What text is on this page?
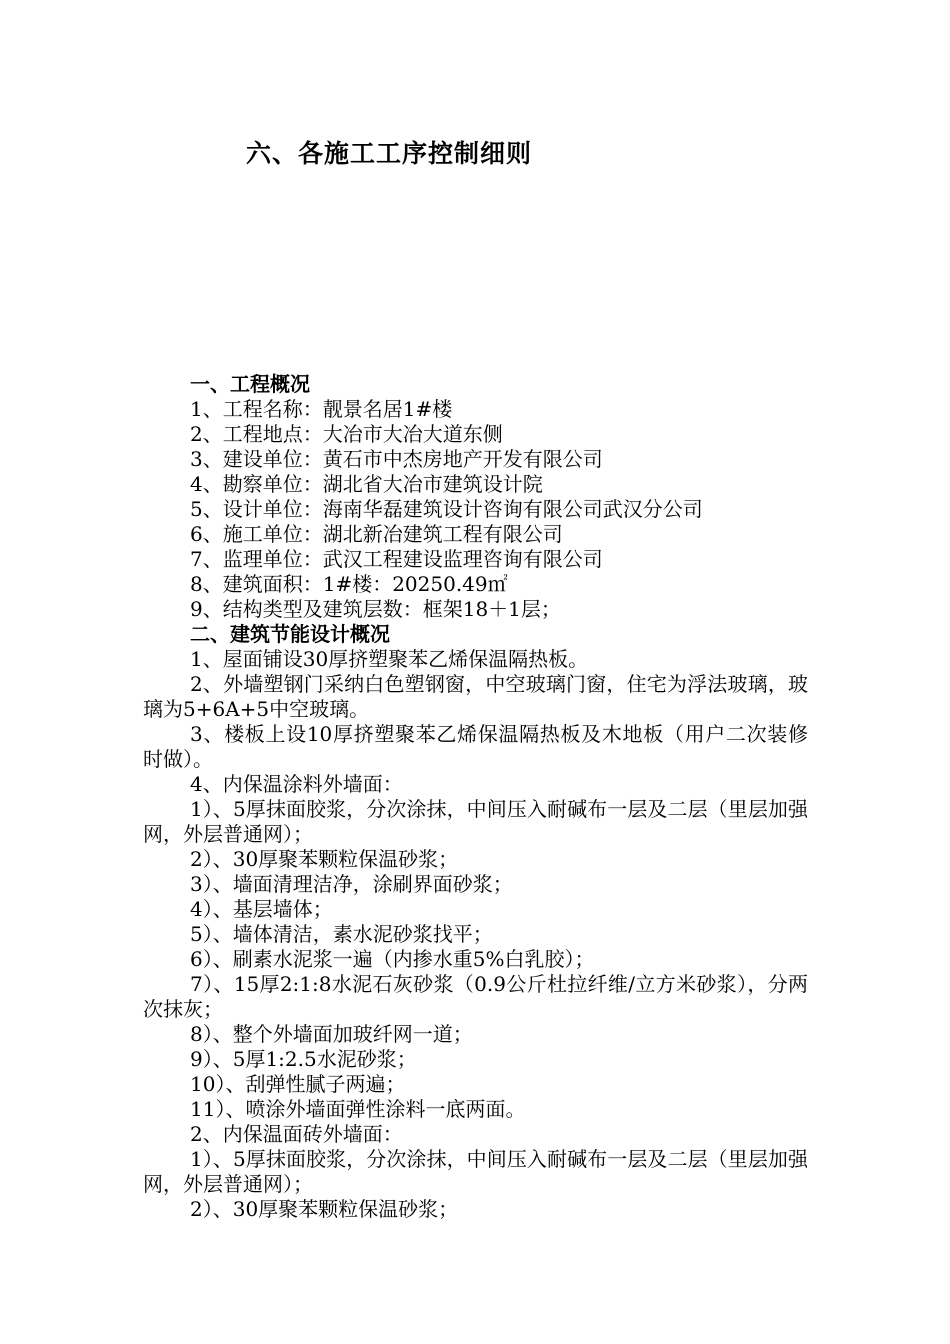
六、各施工工序控制细则

一、工程概况

1、工程名称：靓景名居1#楼

2、工程地点：大冶市大冶大道东侧

3、建设单位：黄石市中杰房地产开发有限公司

4、勘察单位：湖北省大冶市建筑设计院

5、设计单位：海南华磊建筑设计咨询有限公司武汉分公司

6、施工单位：湖北新冶建筑工程有限公司

7、监理单位：武汉工程建设监理咨询有限公司

8、建筑面积：1#楼：20250.49㎡

9、结构类型及建筑层数：框架18＋1层；

二、建筑节能设计概况

1、屋面铺设30厚挤塑聚苯乙烯保温隔热板。

2、外墙塑钢门采纳白色塑钢窗，中空玻璃门窗，住宅为浮法玻璃，玻璃为5+6A+5中空玻璃。

3、楼板上设10厚挤塑聚苯乙烯保温隔热板及木地板（用户二次装修时做）。

4、内保温涂料外墙面：

1）、5厚抹面胶浆，分次涂抹，中间压入耐碱布一层及二层（里层加强网，外层普通网）；

2）、30厚聚苯颗粒保温砂浆；

3）、墙面清理洁净，涂刷界面砂浆；

4）、基层墙体；

5）、墙体清洁，素水泥砂浆找平；

6）、刷素水泥浆一遍（内掺水重5%白乳胶）；

7）、15厚2:1:8水泥石灰砂浆（0.9公斤杜拉纤维/立方米砂浆），分两次抹灰；

8）、整个外墙面加玻纤网一道；

9）、5厚1:2.5水泥砂浆；

10）、刮弹性腻子两遍；

11）、喷涂外墙面弹性涂料一底两面。

2、内保温面砖外墙面：

1）、5厚抹面胶浆，分次涂抹，中间压入耐碱布一层及二层（里层加强网，外层普通网）；

2）、30厚聚苯颗粒保温砂浆；
